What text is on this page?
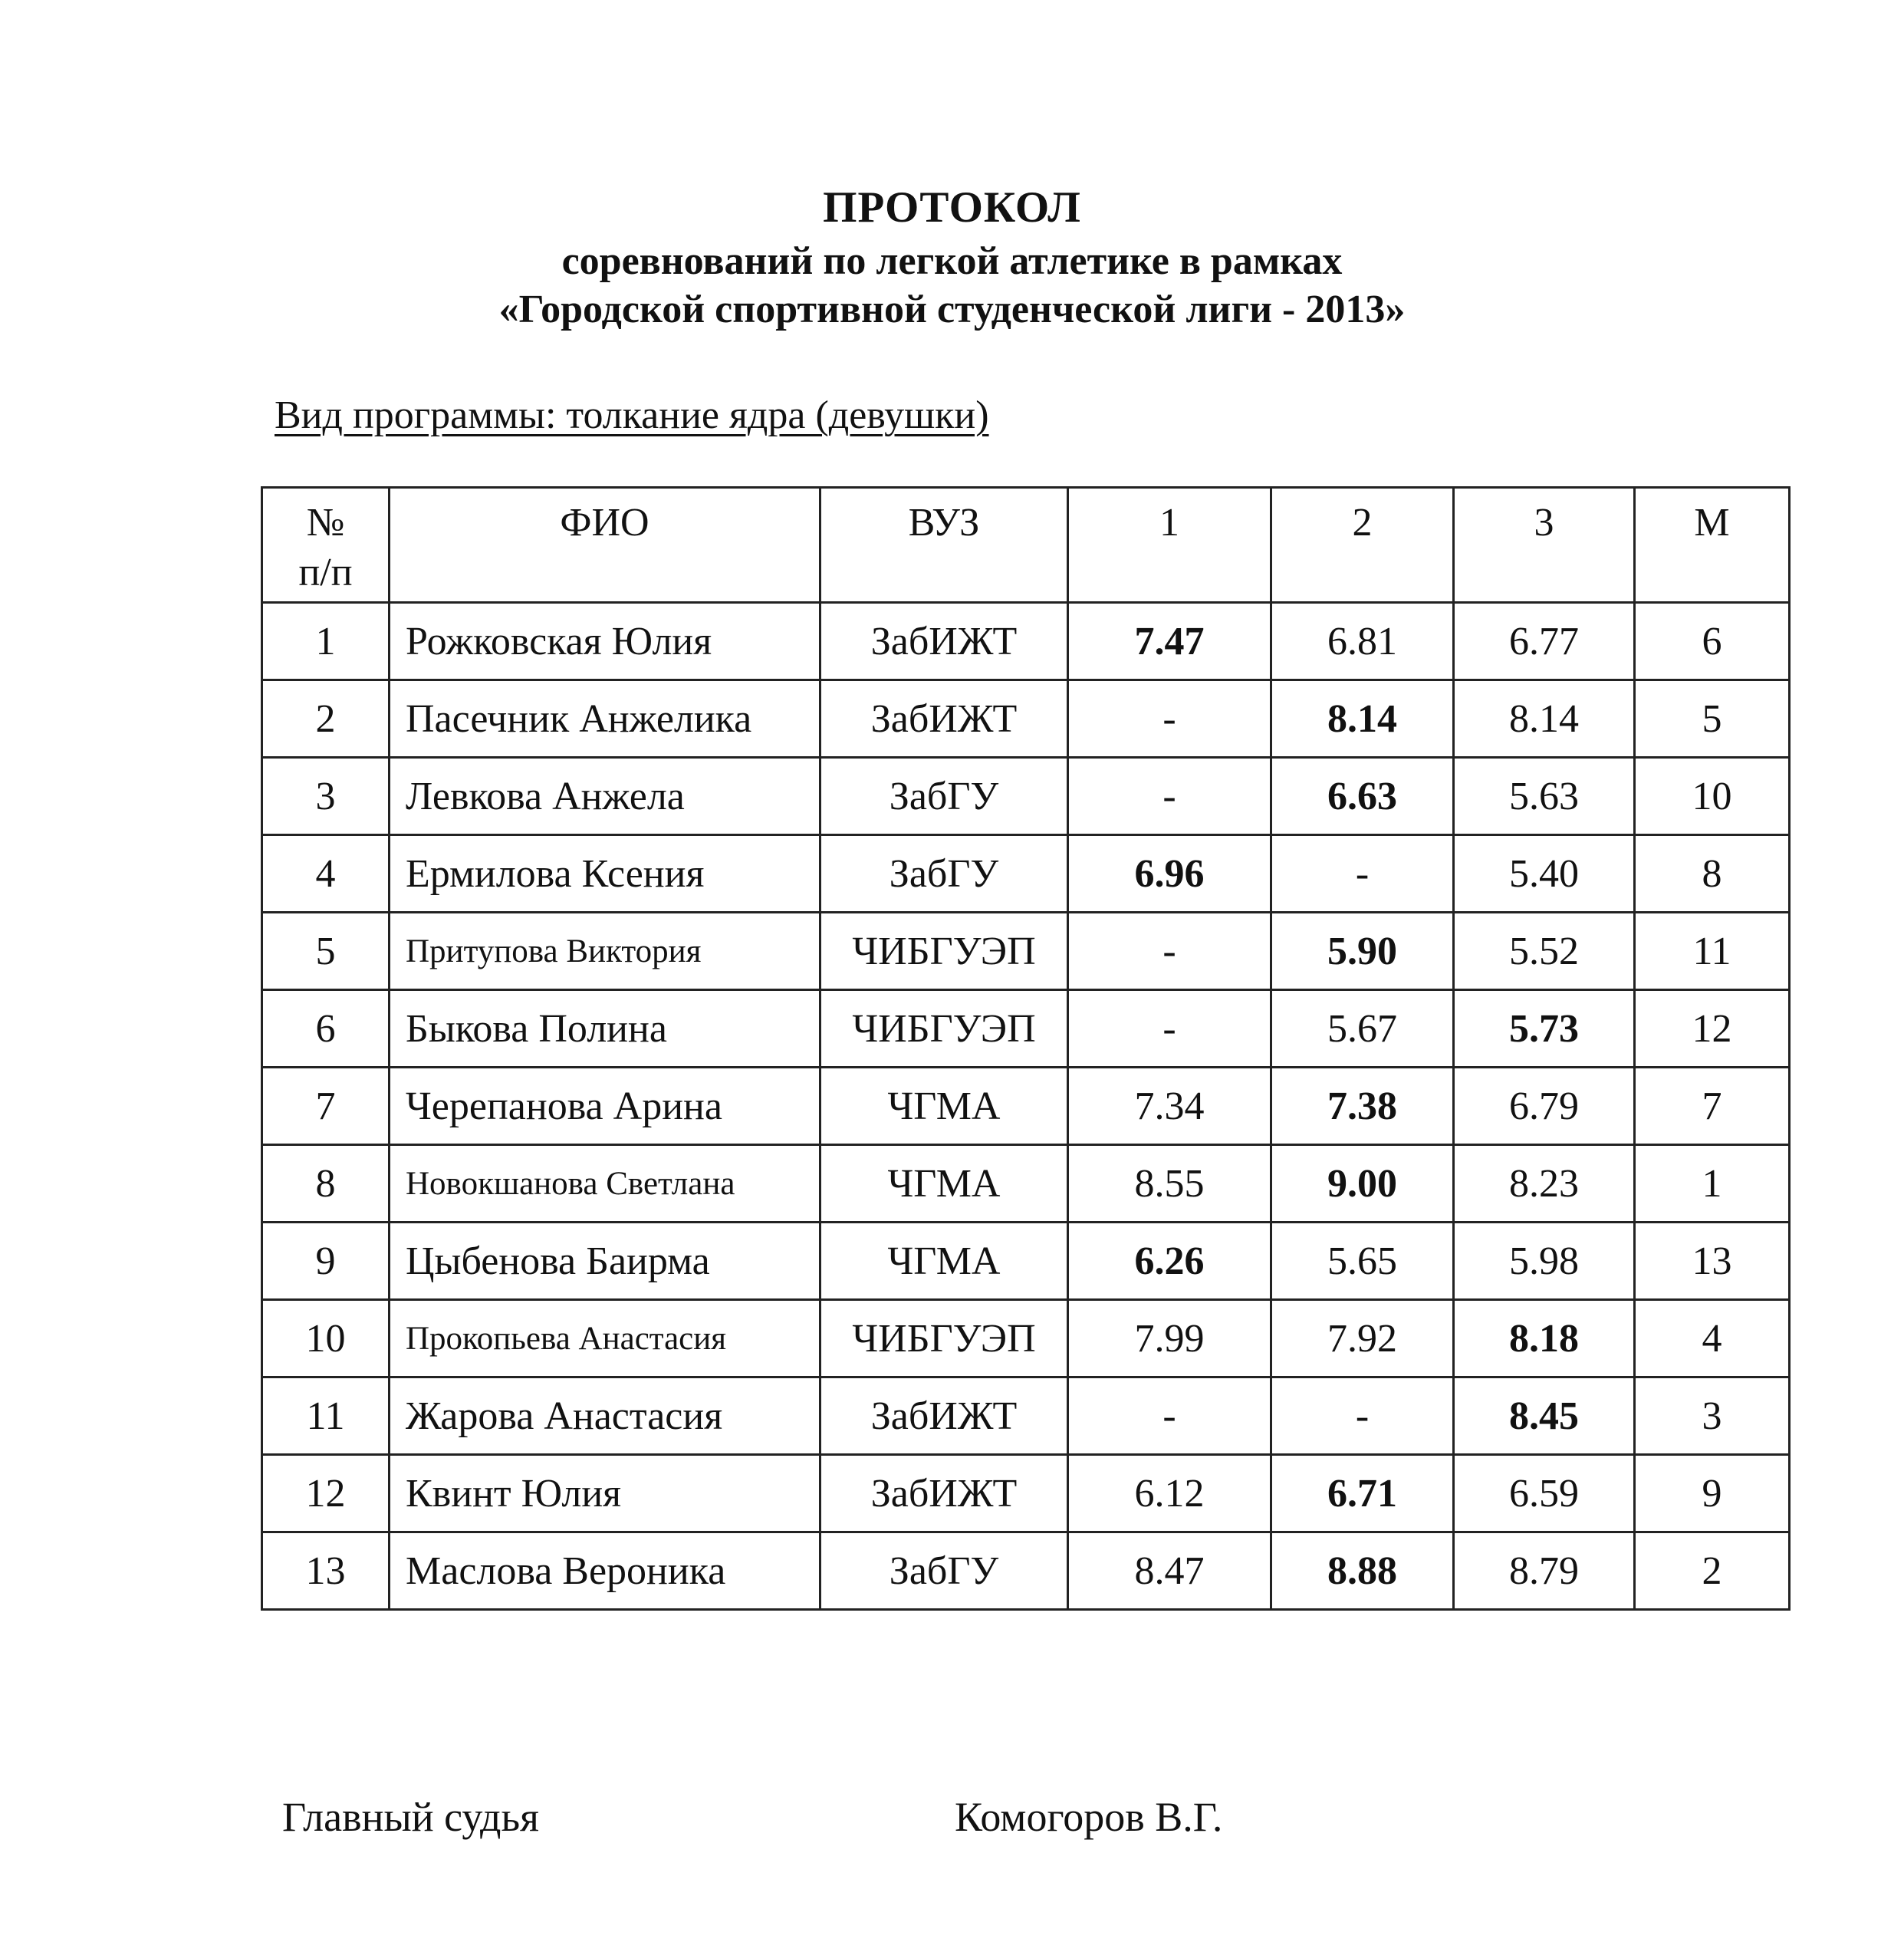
ПРОТОКОЛ
соревнований по легкой атлетике в рамках
«Городской спортивной студенческой лиги - 2013»

Вид программы: толкание ядра (девушки)

№
п/п	ФИО	ВУЗ	1	2	3	М
1	Рожковская Юлия	ЗабИЖТ	7.47	6.81	6.77	6
2	Пасечник Анжелика	ЗабИЖТ	-	8.14	8.14	5
3	Левкова Анжела	ЗабГУ	-	6.63	5.63	10
4	Ермилова Ксения	ЗабГУ	6.96	-	5.40	8
5	Притупова Виктория	ЧИБГУЭП	-	5.90	5.52	11
6	Быкова Полина	ЧИБГУЭП	-	5.67	5.73	12
7	Черепанова Арина	ЧГМА	7.34	7.38	6.79	7
8	Новокшанова Светлана	ЧГМА	8.55	9.00	8.23	1
9	Цыбенова Баирма	ЧГМА	6.26	5.65	5.98	13
10	Прокопьева Анастасия	ЧИБГУЭП	7.99	7.92	8.18	4
11	Жарова Анастасия	ЗабИЖТ	-	-	8.45	3
12	Квинт Юлия	ЗабИЖТ	6.12	6.71	6.59	9
13	Маслова Вероника	ЗабГУ	8.47	8.88	8.79	2

Главный судья	Комогоров В.Г.
